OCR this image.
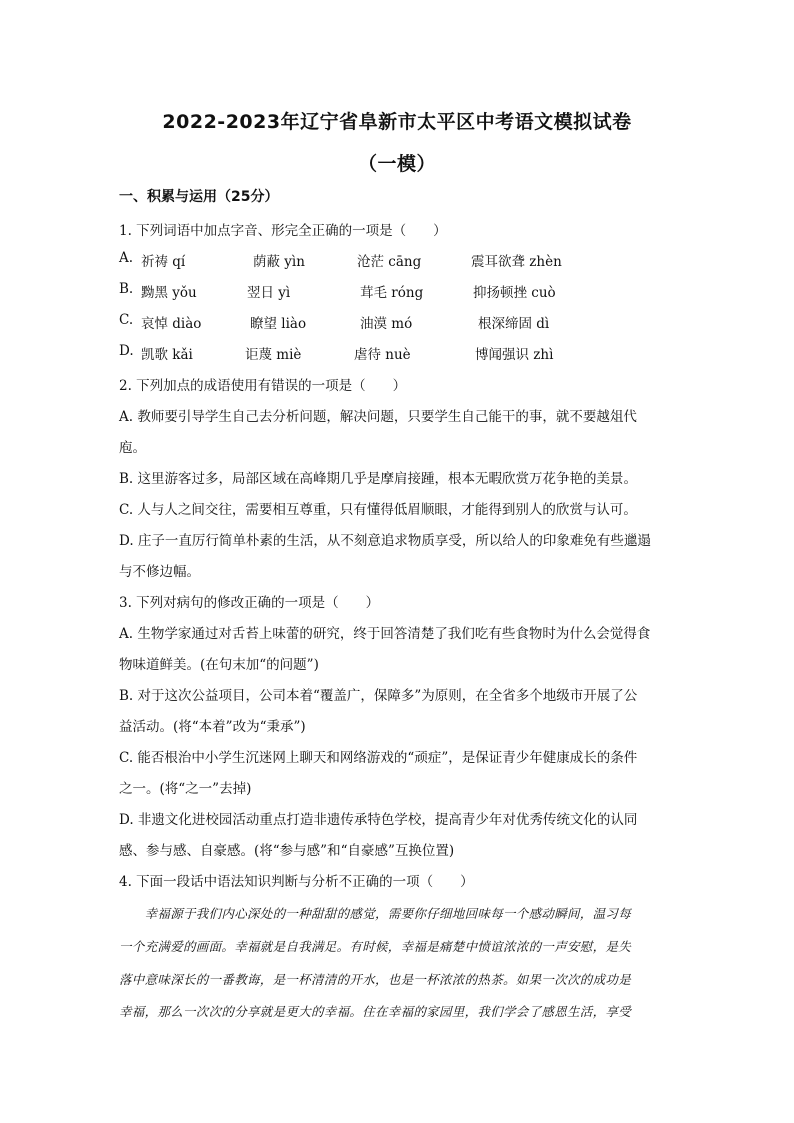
2022-2023年辽宁省阜新市太平区中考语文模拟试卷
（一模）
一、积累与运用（25分）
1. 下列词语中加点字音、形完全正确的一项是（　　）
A. 祈祷 qí	荫蔽 yìn	沧茫 cāng	震耳欲聋 zhèn
B. 黝黑 yǒu	翌日 yì	茸毛 róng	抑扬顿挫 cuò
C. 哀悼 diào	瞭望 liào	油漠 mó	根深缔固 dì
D. 凯歌 kǎi	讵蔑 miè	虐待 nuè	博闻强识 zhì
2. 下列加点的成语使用有错误的一项是（　　）
A. 教师要引导学生自己去分析问题，解决问题，只要学生自己能干的事，就不要越俎代
庖。
B. 这里游客过多，局部区域在高峰期几乎是摩肩接踵，根本无暇欣赏万花争艳的美景。
C. 人与人之间交往，需要相互尊重，只有懂得低眉顺眼，才能得到别人的欣赏与认可。
D. 庄子一直厉行简单朴素的生活，从不刻意追求物质享受，所以给人的印象难免有些邋遢
与不修边幅。
3. 下列对病句的修改正确的一项是（　　）
A. 生物学家通过对舌苔上味蕾的研究，终于回答清楚了我们吃有些食物时为什么会觉得食
物味道鲜美。(在句末加“的问题”)
B. 对于这次公益项目，公司本着“覆盖广，保障多”为原则，在全省多个地级市开展了公
益活动。(将“本着”改为“秉承”)
C. 能否根治中小学生沉迷网上聊天和网络游戏的“顽症”，是保证青少年健康成长的条件
之一。(将“之一”去掉)
D. 非遗文化进校园活动重点打造非遗传承特色学校，提高青少年对优秀传统文化的认同
感、参与感、自豪感。(将“参与感”和“自豪感”互换位置)
4. 下面一段话中语法知识判断与分析不正确的一项（　　）
　　幸福源于我们内心深处的一种甜甜的感觉，需要你仔细地回味每一个感动瞬间，温习每
一个充满爱的画面。幸福就是自我满足。有时候，幸福是痛楚中愤谊浓浓的一声安慰，是失
落中意味深长的一番教诲，是一杯清清的开水，也是一杯浓浓的热茶。如果一次次的成功是
幸福，那么一次次的分享就是更大的幸福。住在幸福的家园里，我们学会了感恩生活，享受
